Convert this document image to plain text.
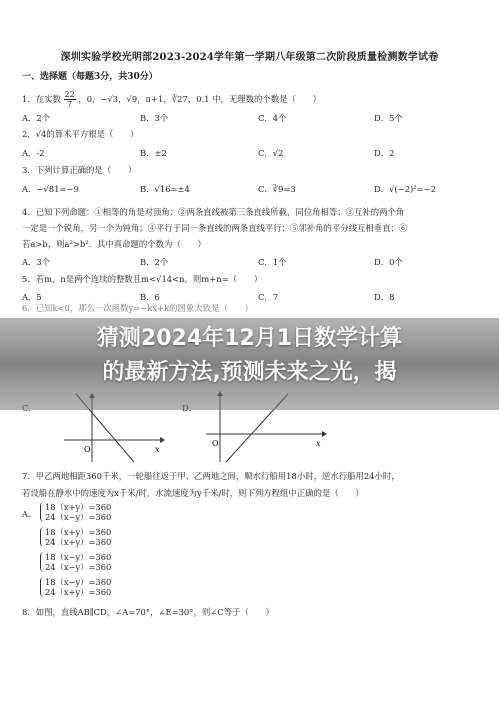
深圳实验学校光明部2023-2024学年第一学期八年级第二次阶段质量检测数学试卷
一、选择题（每题3分，共30分）
1．在实数 $\frac{22}{7}$ ，0，−√3，√9，π+1，∛27，0.1 中，无理数的个数是（　　）
A．2个	B．3个	C．4个	D．5个
2．√4的算术平方根是（　　）
A．-2	B．±2	C．√2	D．2
3．下列计算正确的是（　　）
A．−√81=−9	B．√16=±4	C．∛9=3	D．√(−2)²=−2
4．已知下列命题：①相等的角是对顶角；②两条直线被第三条直线所截，同位角相等；③互补的两个角
一定是一个锐角，另一个为钝角；④平行于同一条直线的两条直线平行；⑤邻补角的平分线互相垂直；⑥
若a>b，则a²>b²．其中真命题的个数为（　　）
A．3个	B．2个	C．1个	D．0个
5．若m，n是两个连续的整数且m<√14<n，则m+n=（　　）
A．5	B．6	C．7	D．8
6．已知k<0，那么一次函数y=−kx+k的图象大致是（　　）
O	x
O	x
7．甲乙两地相距360千米，一轮船往返于甲、乙两地之间，顺水行船用18小时，逆水行船用24小时，
若设船在静水中的速度为x千米/时，水流速度为y千米/时，则下列方程组中正确的是（　　）
A．
18（x+y）=360
24（x−y）=360
18（x+y）=360
24（x+y）=360
18（x−y）=360
24（x−y）=360
18（x−y）=360
24（x+y）=360
8．如图，直线AB∥CD，∠A=70°，∠E=30°，则∠C等于（　　）
猜测2024年12月1日数学计算
的最新方法,预测未来之光，揭
